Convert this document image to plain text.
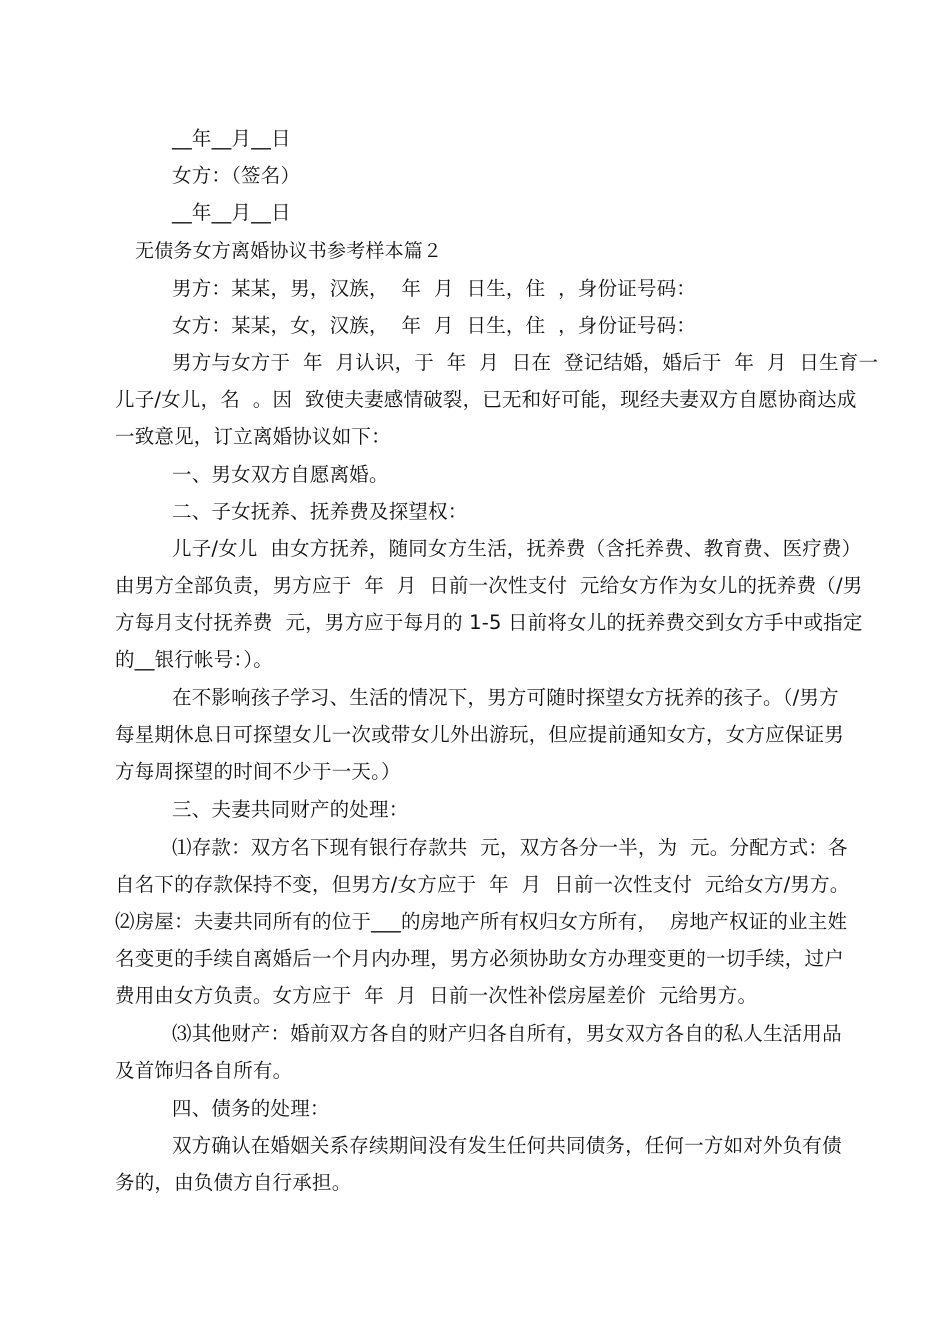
__年__月__日
女方：（签名）
__年__月__日
无债务女方离婚协议书参考样本篇２
男方：某某，男，汉族，  年  月  日生，住  ，身份证号码：
女方：某某，女，汉族，  年  月  日生，住  ，身份证号码：
男方与女方于  年  月认识，于  年  月  日在  登记结婚，婚后于  年  月  日生育一
儿子/女儿，名  。因  致使夫妻感情破裂，已无和好可能，现经夫妻双方自愿协商达成
一致意见，订立离婚协议如下：
一、男女双方自愿离婚。
二、子女抚养、抚养费及探望权：
儿子/女儿  由女方抚养，随同女方生活，抚养费（含托养费、教育费、医疗费）
由男方全部负责，男方应于  年  月  日前一次性支付  元给女方作为女儿的抚养费（/男
方每月支付抚养费  元，男方应于每月的 1-5 日前将女儿的抚养费交到女方手中或指定
的__银行帐号：）。
在不影响孩子学习、生活的情况下，男方可随时探望女方抚养的孩子。（/男方
每星期休息日可探望女儿一次或带女儿外出游玩，但应提前通知女方，女方应保证男
方每周探望的时间不少于一天。）
三、夫妻共同财产的处理：
⑴存款：双方名下现有银行存款共  元，双方各分一半，为  元。分配方式：各
自名下的存款保持不变，但男方/女方应于  年  月  日前一次性支付  元给女方/男方。
⑵房屋：夫妻共同所有的位于___的房地产所有权归女方所有，  房地产权证的业主姓
名变更的手续自离婚后一个月内办理，男方必须协助女方办理变更的一切手续，过户
费用由女方负责。女方应于  年  月  日前一次性补偿房屋差价  元给男方。
⑶其他财产：婚前双方各自的财产归各自所有，男女双方各自的私人生活用品
及首饰归各自所有。
四、债务的处理：
双方确认在婚姻关系存续期间没有发生任何共同债务，任何一方如对外负有债
务的，由负债方自行承担。
